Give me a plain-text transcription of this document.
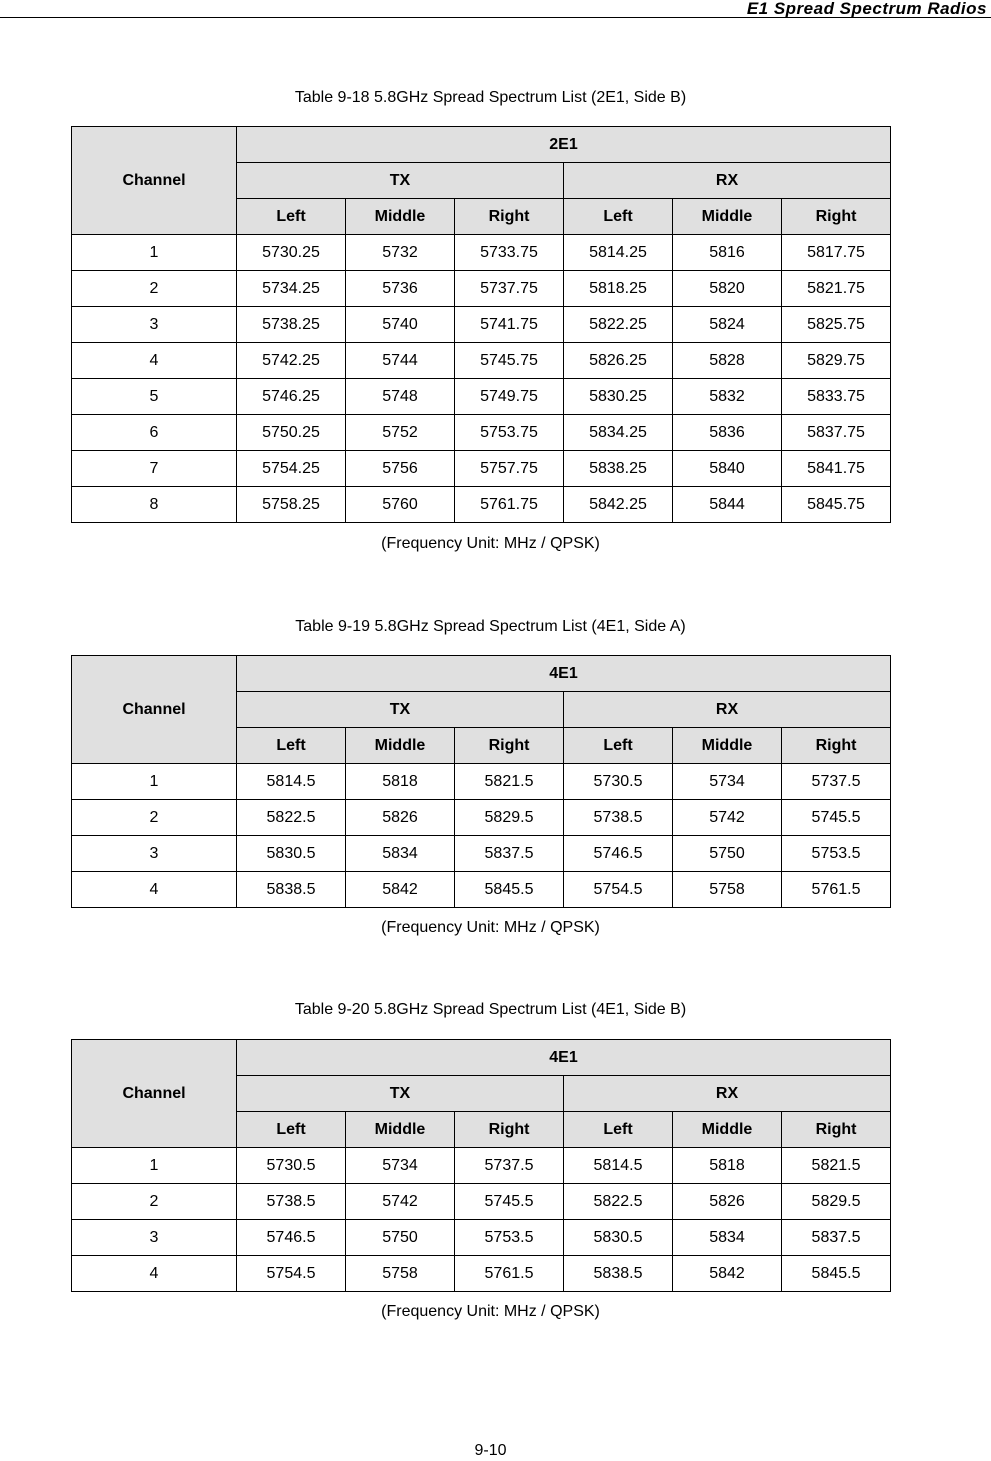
E1 Spread Spectrum Radios
9-10
Table 9-18 5.8GHz Spread Spectrum List (2E1, Side B)
Channel	2E1					
	TX			RX		
	Left	Middle	Right	Left	Middle	Right
1	5730.25	5732	5733.75	5814.25	5816	5817.75
2	5734.25	5736	5737.75	5818.25	5820	5821.75
3	5738.25	5740	5741.75	5822.25	5824	5825.75
4	5742.25	5744	5745.75	5826.25	5828	5829.75
5	5746.25	5748	5749.75	5830.25	5832	5833.75
6	5750.25	5752	5753.75	5834.25	5836	5837.75
7	5754.25	5756	5757.75	5838.25	5840	5841.75
8	5758.25	5760	5761.75	5842.25	5844	5845.75
(Frequency Unit: MHz / QPSK)
Table 9-19 5.8GHz Spread Spectrum List (4E1, Side A)
Channel	4E1					
	TX			RX		
	Left	Middle	Right	Left	Middle	Right
1	5814.5	5818	5821.5	5730.5	5734	5737.5
2	5822.5	5826	5829.5	5738.5	5742	5745.5
3	5830.5	5834	5837.5	5746.5	5750	5753.5
4	5838.5	5842	5845.5	5754.5	5758	5761.5
(Frequency Unit: MHz / QPSK)
Table 9-20 5.8GHz Spread Spectrum List (4E1, Side B)
Channel	4E1					
	TX			RX		
	Left	Middle	Right	Left	Middle	Right
1	5730.5	5734	5737.5	5814.5	5818	5821.5
2	5738.5	5742	5745.5	5822.5	5826	5829.5
3	5746.5	5750	5753.5	5830.5	5834	5837.5
4	5754.5	5758	5761.5	5838.5	5842	5845.5
(Frequency Unit: MHz / QPSK)
